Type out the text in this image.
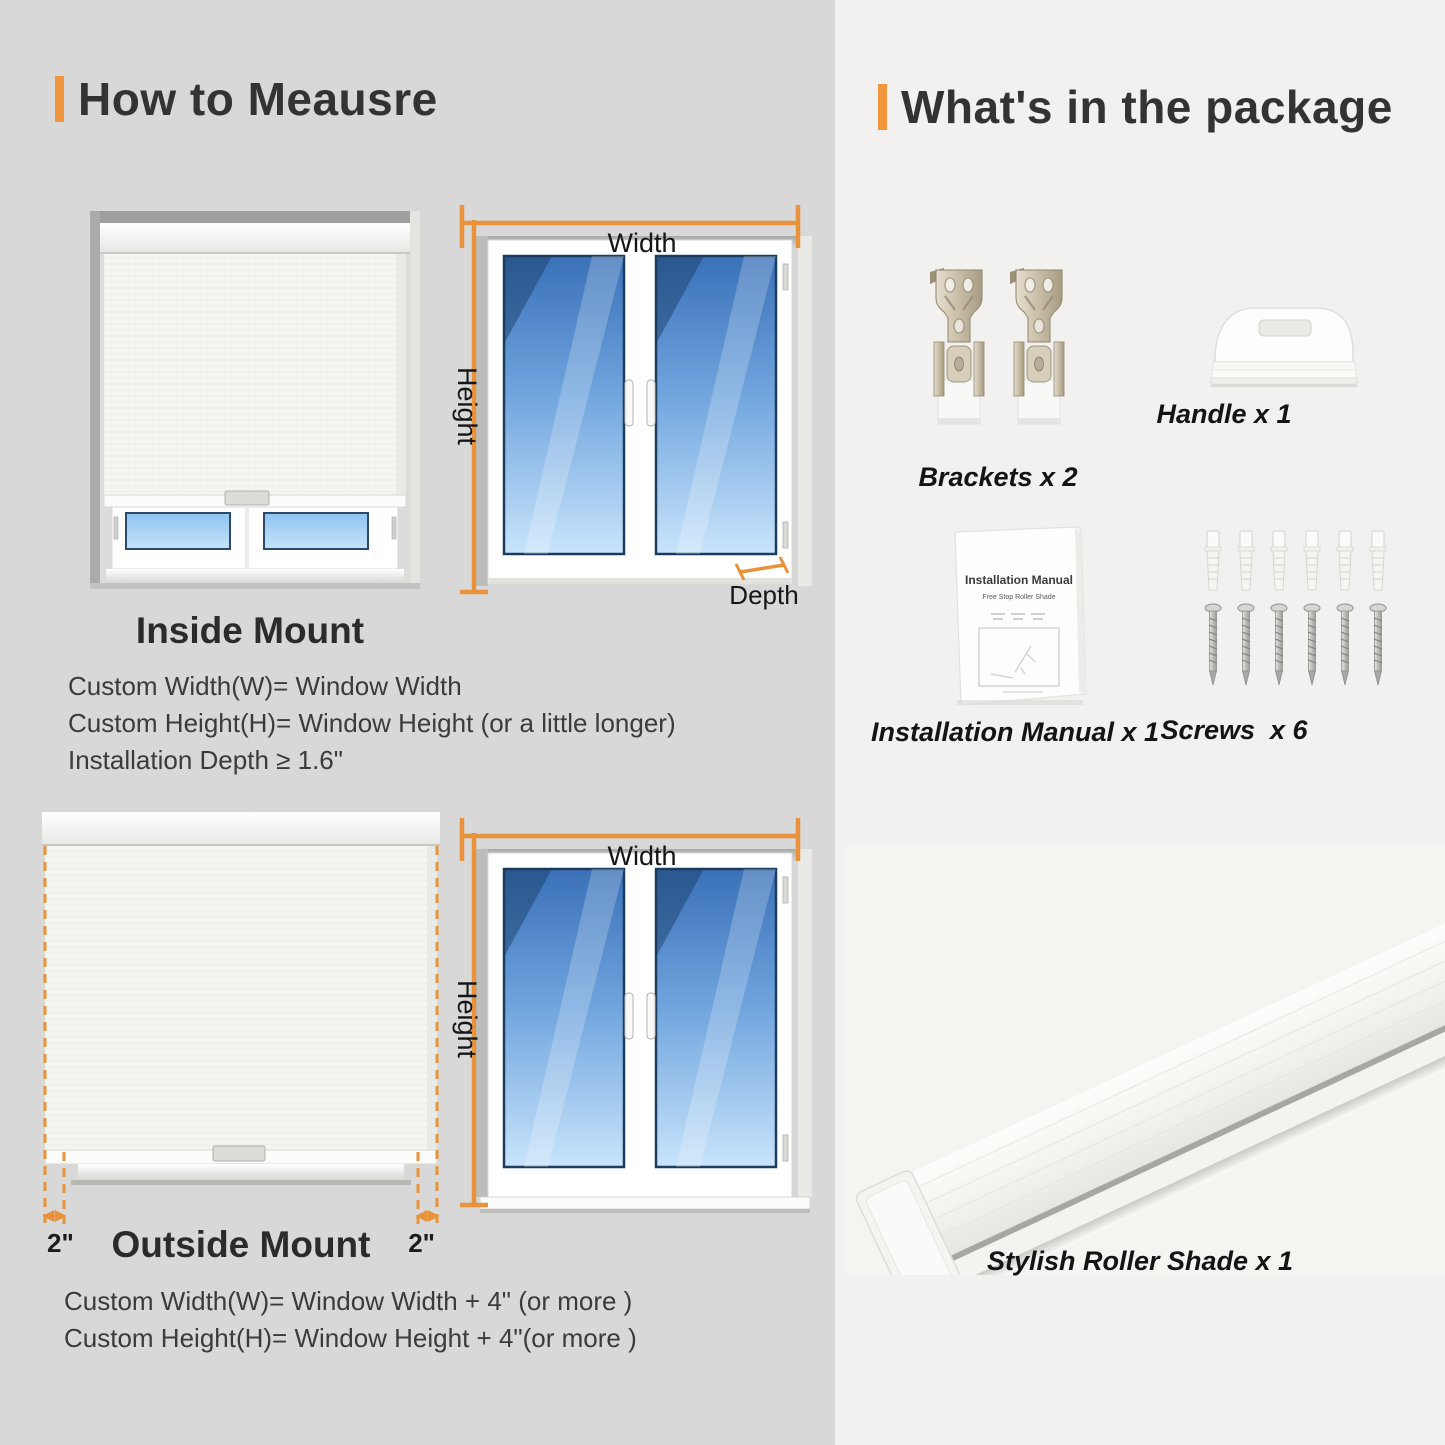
How to Meausre
Width
Height
Depth
Inside Mount
Custom Width(W)= Window Width
Custom Height(H)= Window Height (or a little longer)
Installation Depth ≥ 1.6"
2"	2"
Width
Height
Outside Mount
Custom Width(W)= Window Width + 4" (or more )
Custom Height(H)= Window Height + 4"(or more )
What's in the package
Brackets x 2
Handle x 1
Installation Manual
Free Stop Roller Shade
Installation Manual x 1 Screws  x 6
Stylish Roller Shade x 1
